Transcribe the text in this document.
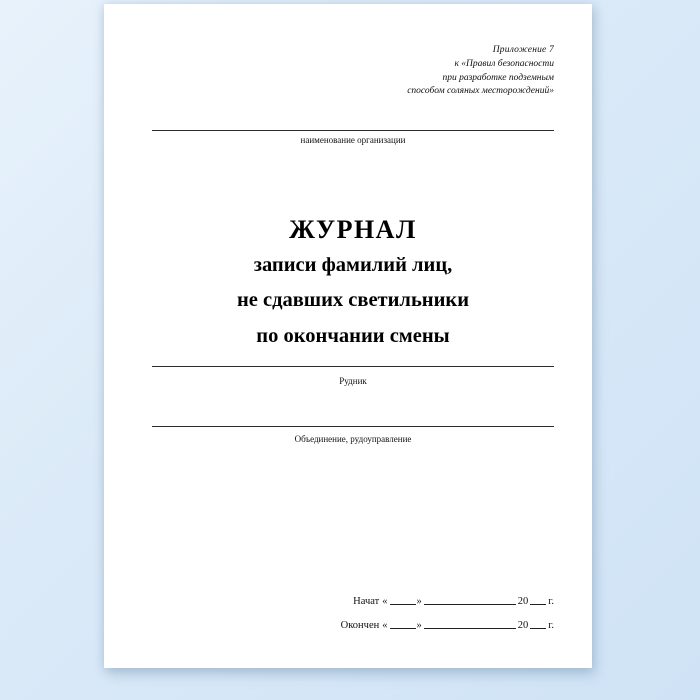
Приложение 7
к «Правил безопасности
при разработке подземным
способом соляных месторождений»
наименование организации
ЖУРНАЛ
записи фамилий лиц,
не сдавших светильники
по окончании смены
Рудник
Объединение, рудоуправление
Начат «	»	20 г.
Окончен «	»	20 г.
